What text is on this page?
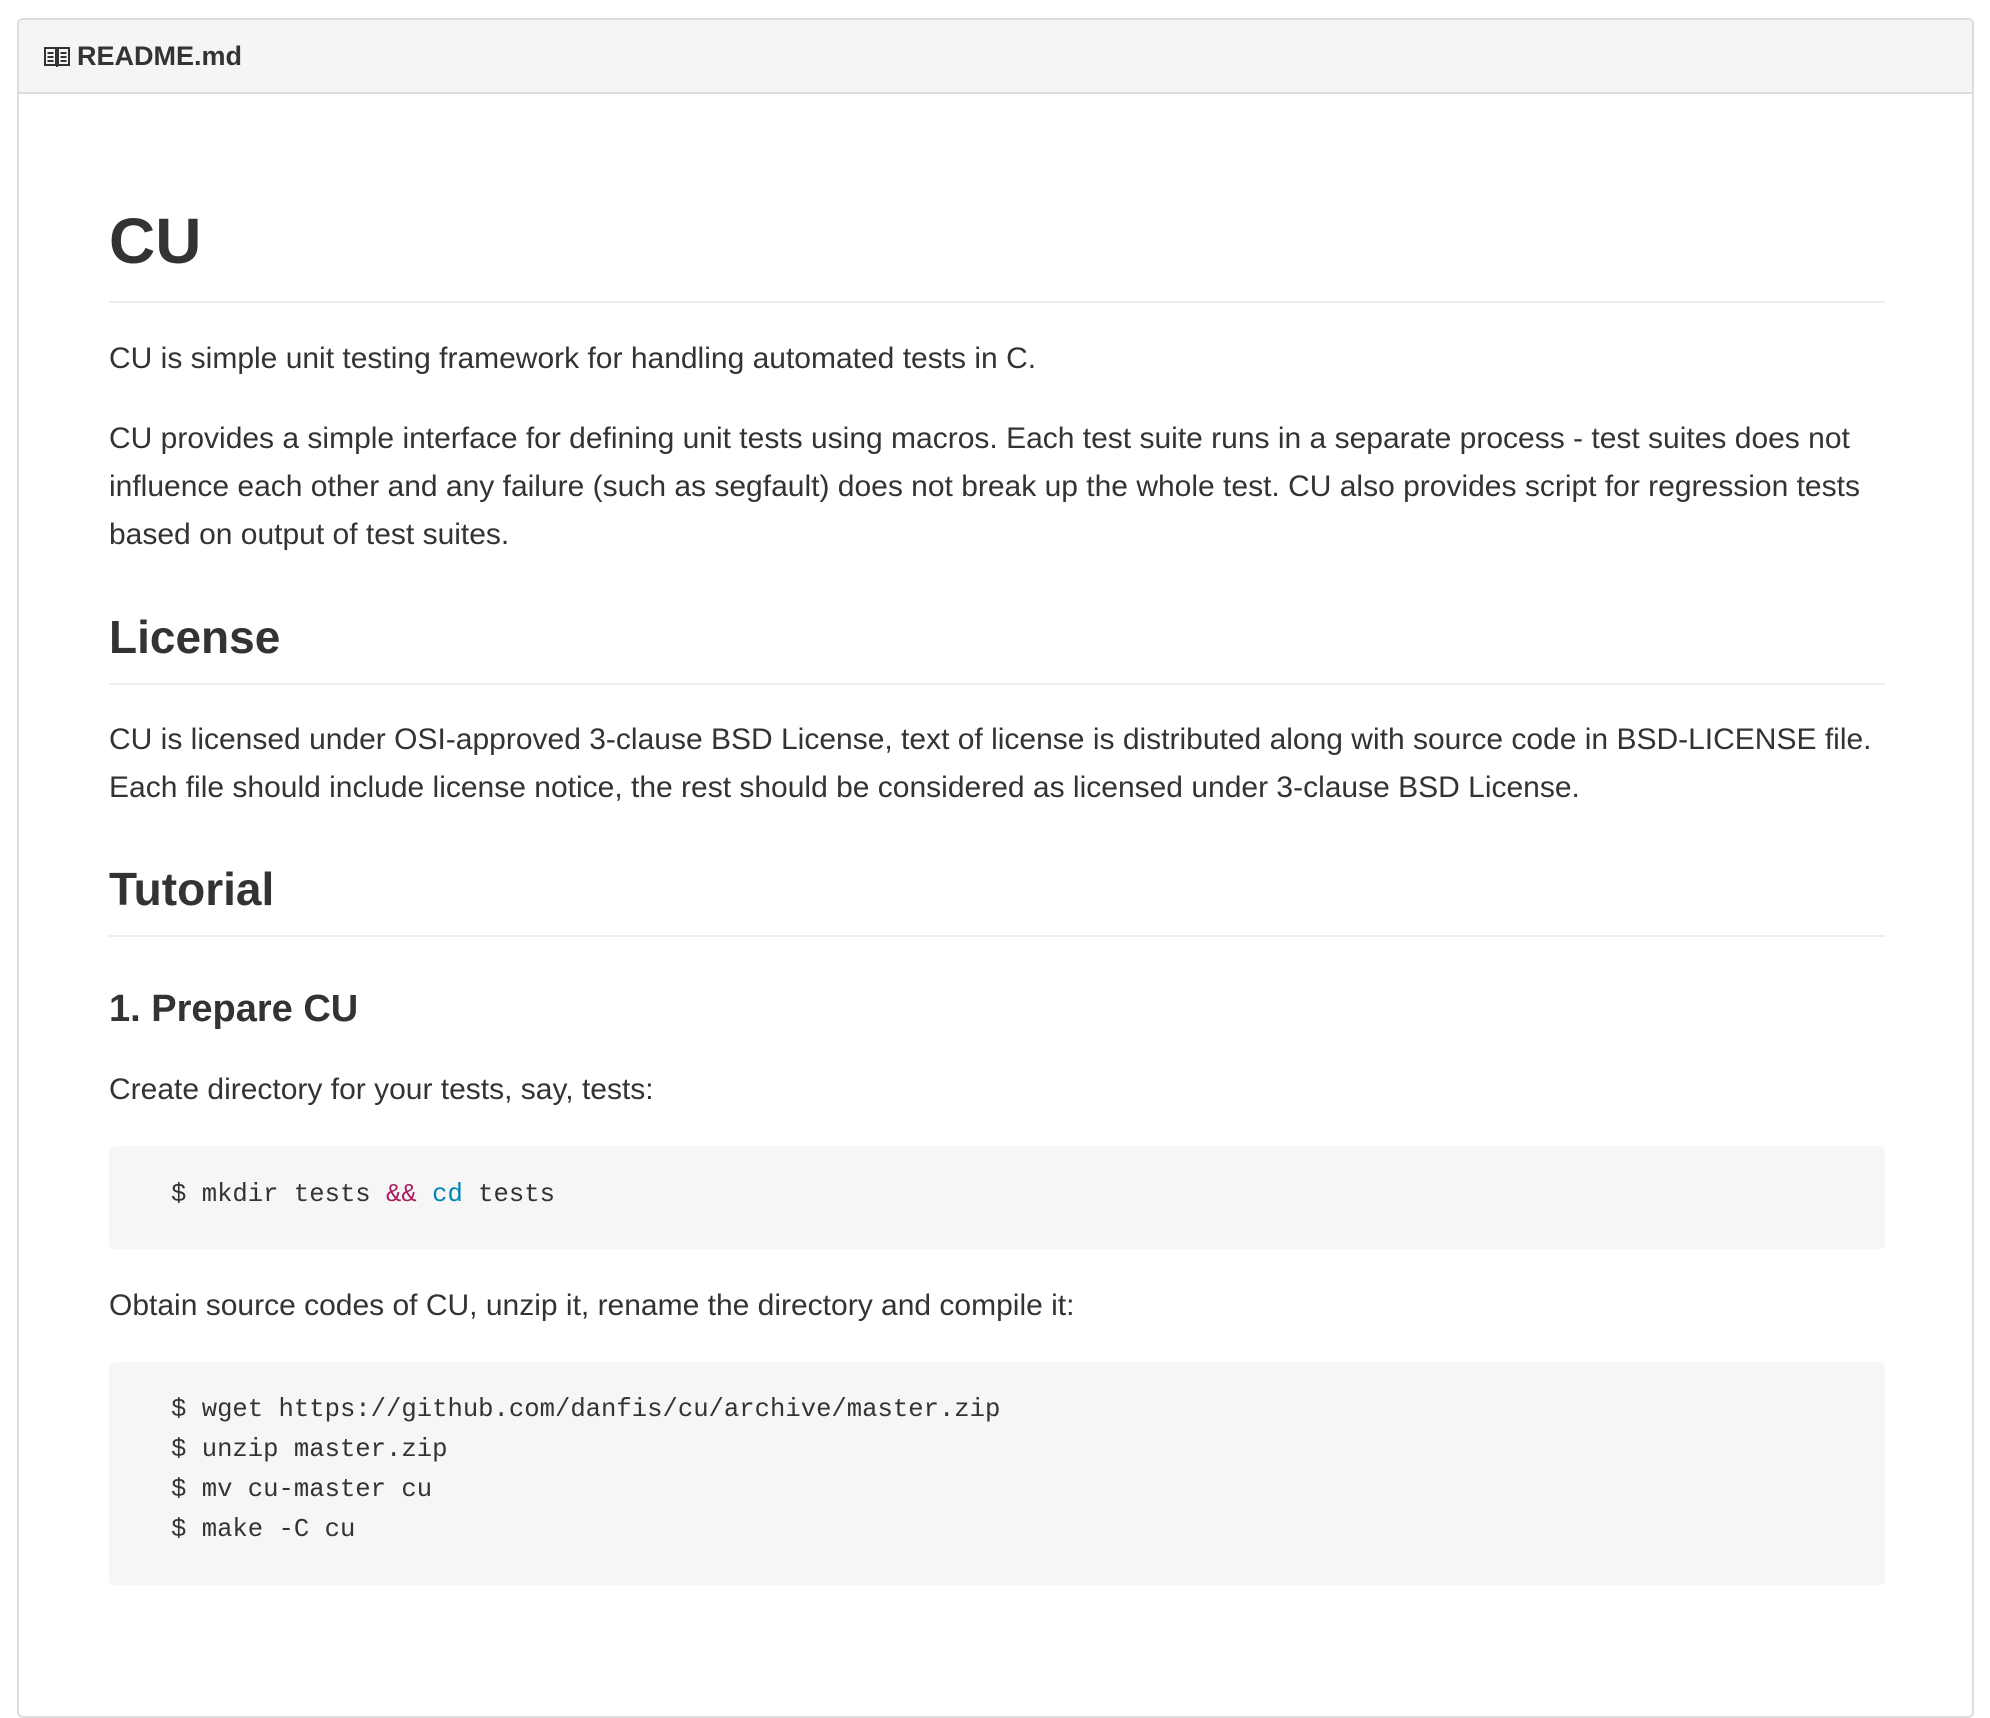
README.md
CU

CU is simple unit testing framework for handling automated tests in C.

CU provides a simple interface for defining unit tests using macros. Each test suite runs in a separate process - test suites does not influence each other and any failure (such as segfault) does not break up the whole test. CU also provides script for regression tests based on output of test suites.

License

CU is licensed under OSI-approved 3-clause BSD License, text of license is distributed along with source code in BSD-LICENSE file. Each file should include license notice, the rest should be considered as licensed under 3-clause BSD License.

Tutorial
1. Prepare CU

Create directory for your tests, say, tests:

$ mkdir tests && cd tests

Obtain source codes of CU, unzip it, rename the directory and compile it:

$ wget https://github.com/danfis/cu/archive/master.zip
$ unzip master.zip
$ mv cu-master cu
$ make -C cu
